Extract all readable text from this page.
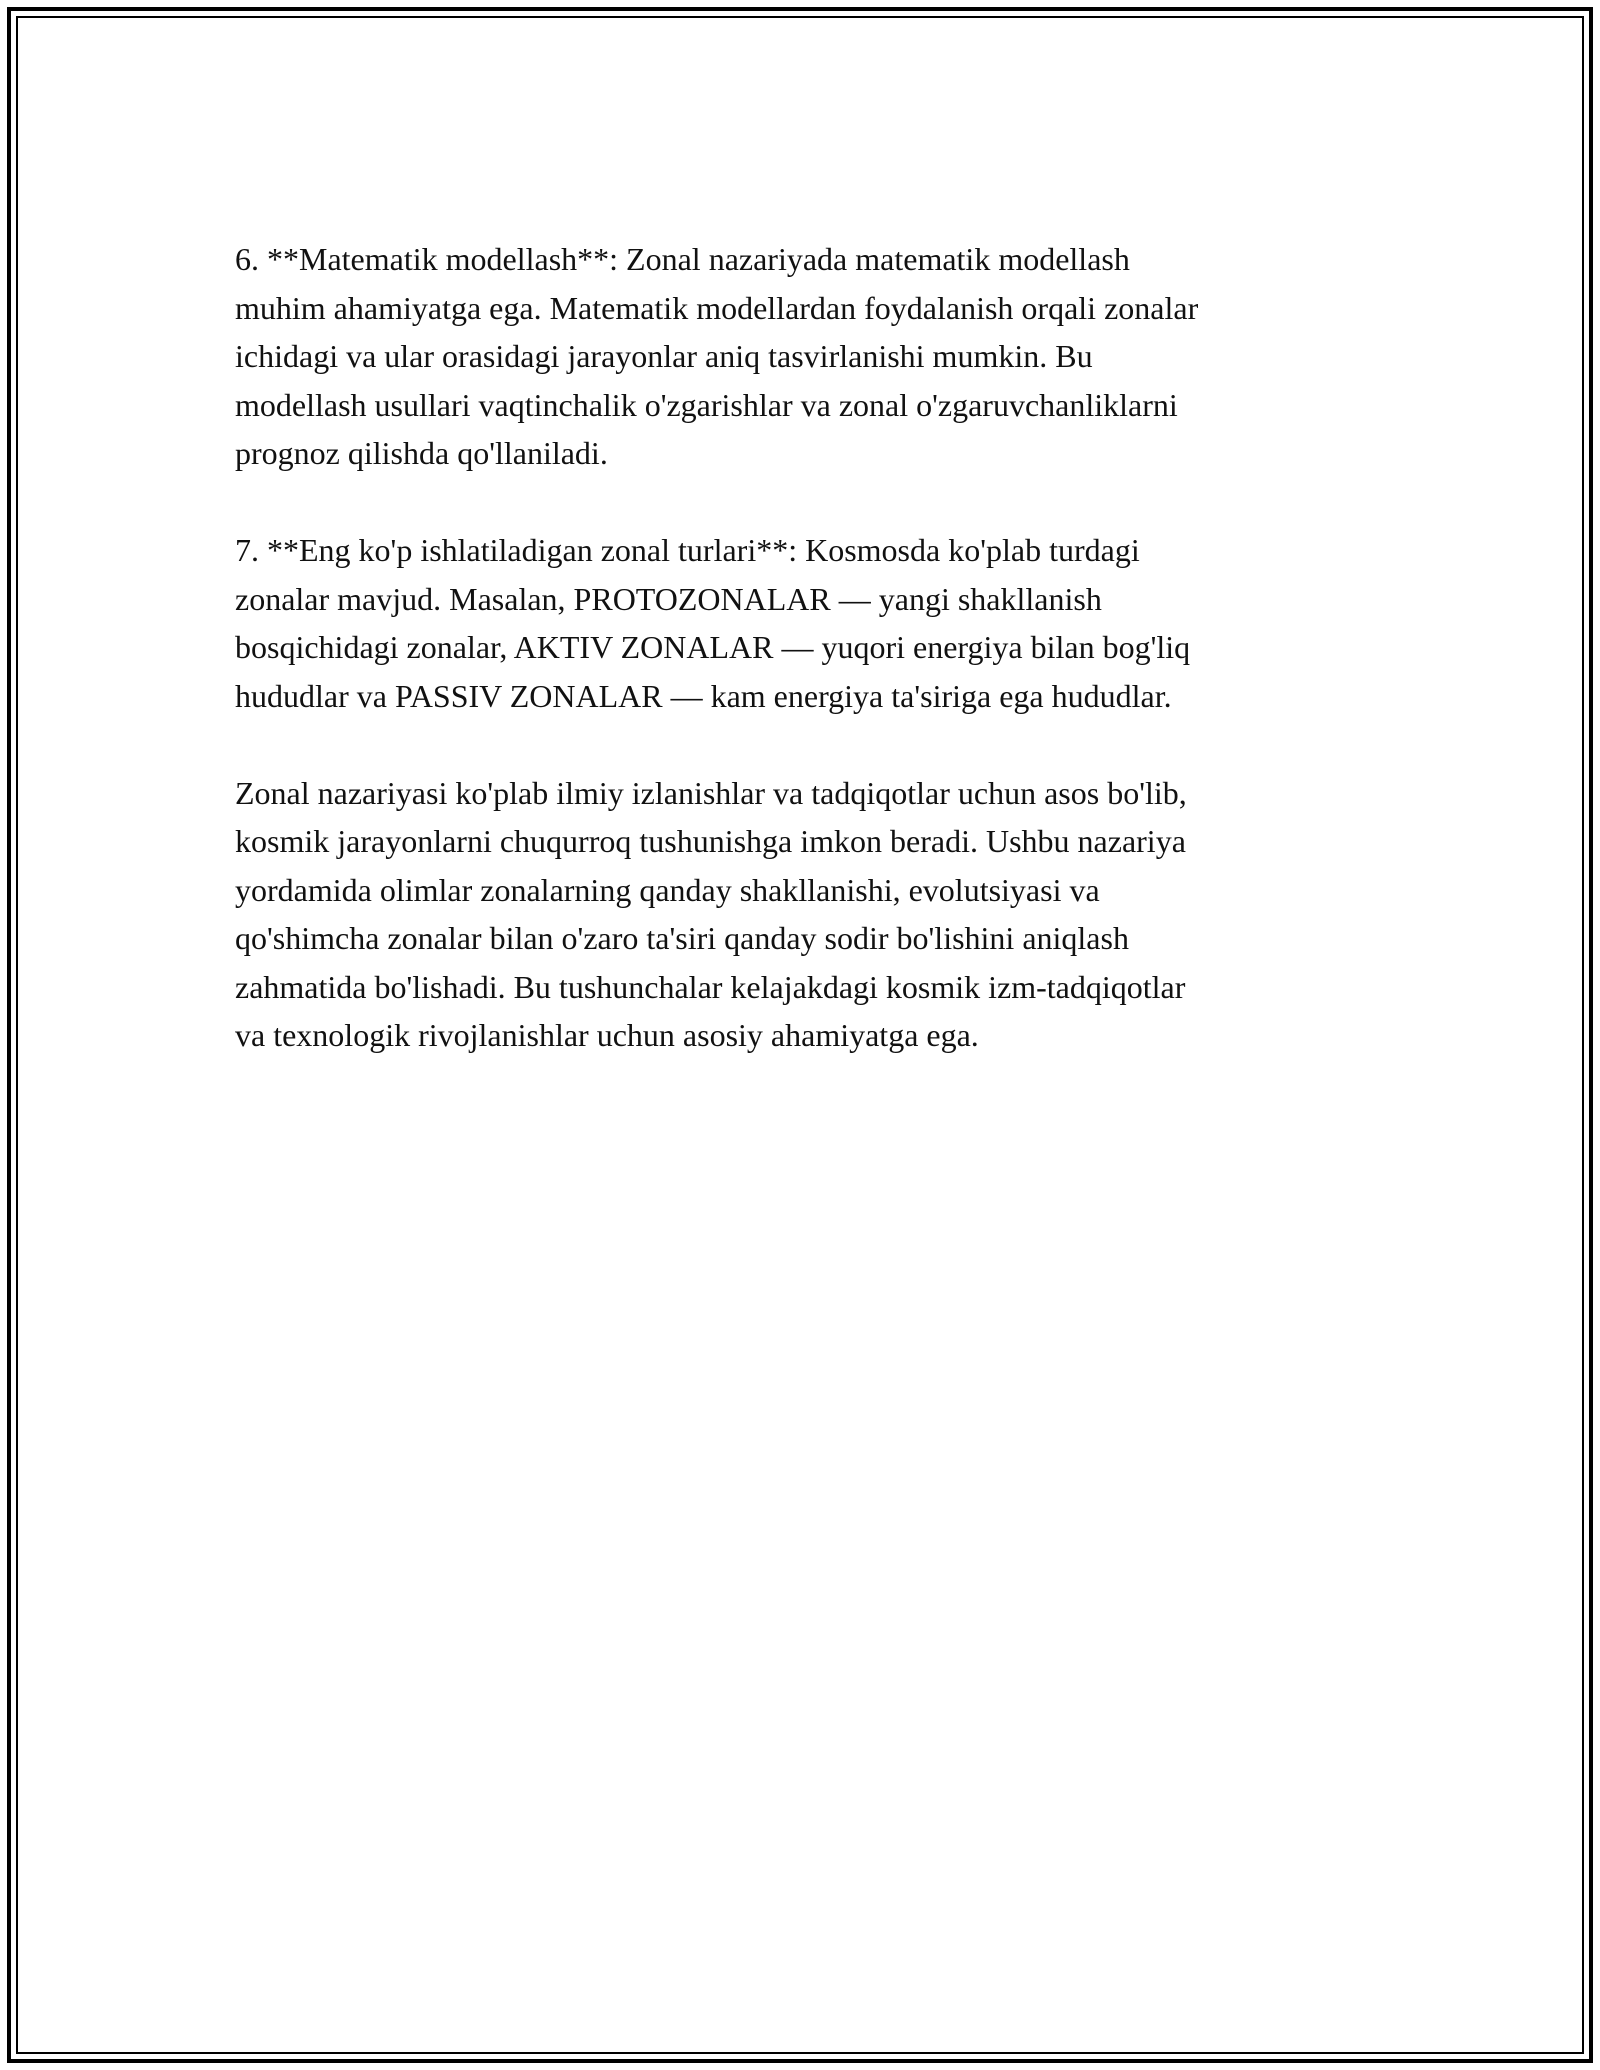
6. **Matematik modellash**: Zonal nazariyada matematik modellash
muhim ahamiyatga ega. Matematik modellardan foydalanish orqali zonalar
ichidagi va ular orasidagi jarayonlar aniq tasvirlanishi mumkin. Bu
modellash usullari vaqtinchalik o'zgarishlar va zonal o'zgaruvchanliklarni
prognoz qilishda qo'llaniladi.

7. **Eng ko'p ishlatiladigan zonal turlari**: Kosmosda ko'plab turdagi
zonalar mavjud. Masalan, PROTOZONALAR — yangi shakllanish
bosqichidagi zonalar, AKTIV ZONALAR — yuqori energiya bilan bog'liq
hududlar va PASSIV ZONALAR — kam energiya ta'siriga ega hududlar.

Zonal nazariyasi ko'plab ilmiy izlanishlar va tadqiqotlar uchun asos bo'lib,
kosmik jarayonlarni chuqurroq tushunishga imkon beradi. Ushbu nazariya
yordamida olimlar zonalarning qanday shakllanishi, evolutsiyasi va
qo'shimcha zonalar bilan o'zaro ta'siri qanday sodir bo'lishini aniqlash
zahmatida bo'lishadi. Bu tushunchalar kelajakdagi kosmik izm-tadqiqotlar
va texnologik rivojlanishlar uchun asosiy ahamiyatga ega.
